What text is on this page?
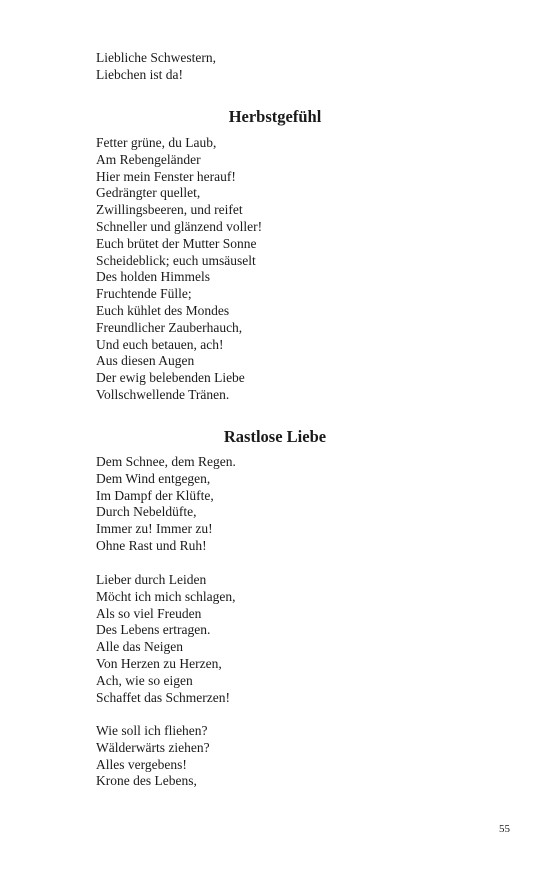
Liebliche Schwestern,
Liebchen ist da!
Herbstgefühl
Fetter grüne, du Laub,
Am Rebengeländer
Hier mein Fenster herauf!
Gedrängter quellet,
Zwillingsbeeren, und reifet
Schneller und glänzend voller!
Euch brütet der Mutter Sonne
Scheideblick; euch umsäuselt
Des holden Himmels
Fruchtende Fülle;
Euch kühlet des Mondes
Freundlicher Zauberhauch,
Und euch betauen, ach!
Aus diesen Augen
Der ewig belebenden Liebe
Vollschwellende Tränen.
Rastlose Liebe
Dem Schnee, dem Regen.
Dem Wind entgegen,
Im Dampf der Klüfte,
Durch Nebeldüfte,
Immer zu! Immer zu!
Ohne Rast und Ruh!
Lieber durch Leiden
Möcht ich mich schlagen,
Als so viel Freuden
Des Lebens ertragen.
Alle das Neigen
Von Herzen zu Herzen,
Ach, wie so eigen
Schaffet das Schmerzen!
Wie soll ich fliehen?
Wälderwärts ziehen?
Alles vergebens!
Krone des Lebens,
55
